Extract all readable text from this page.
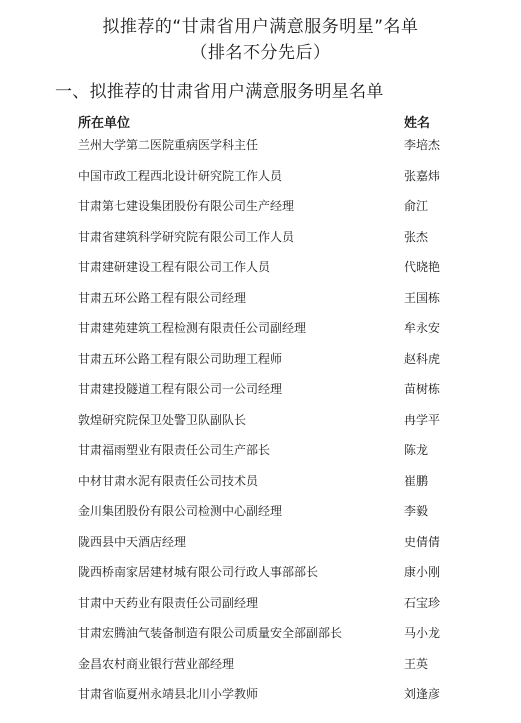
拟推荐的“甘肃省用户满意服务明星”名单
（排名不分先后）
一、拟推荐的甘肃省用户满意服务明星名单
所在单位	姓名
兰州大学第二医院重病医学科主任	李培杰
中国市政工程西北设计研究院工作人员	张嘉炜
甘肃第七建设集团股份有限公司生产经理	俞江
甘肃省建筑科学研究院有限公司工作人员	张杰
甘肃建研建设工程有限公司工作人员	代晓艳
甘肃五环公路工程有限公司经理	王国栋
甘肃建苑建筑工程检测有限责任公司副经理	牟永安
甘肃五环公路工程有限公司助理工程师	赵科虎
甘肃建投隧道工程有限公司一公司经理	苗树栋
敦煌研究院保卫处警卫队副队长	冉学平
甘肃福雨塑业有限责任公司生产部长	陈龙
中材甘肃水泥有限责任公司技术员	崔鹏
金川集团股份有限公司检测中心副经理	李毅
陇西县中天酒店经理	史倩倩
陇西桥南家居建材城有限公司行政人事部部长	康小刚
甘肃中天药业有限责任公司副经理	石宝珍
甘肃宏腾油气装备制造有限公司质量安全部副部长	马小龙
金昌农村商业银行营业部经理	王英
甘肃省临夏州永靖县北川小学教师	刘逢彦
